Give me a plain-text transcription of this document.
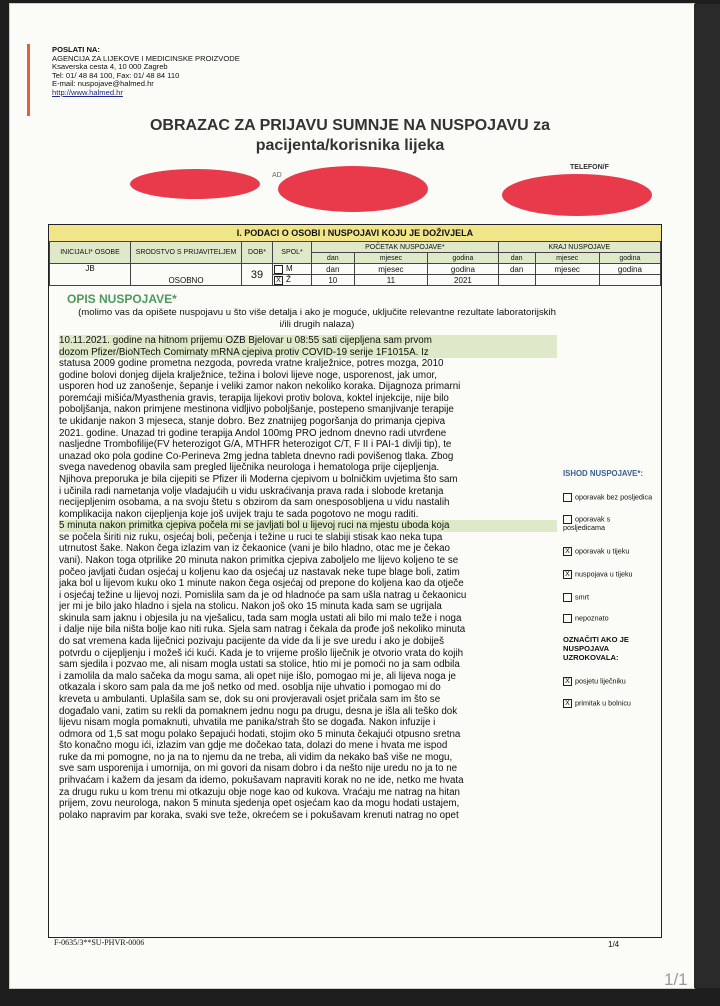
POSLATI NA:
AGENCIJA ZA LIJEKOVE I MEDICINSKE PROIZVODE
Ksaverska cesta 4, 10 000 Zagreb
Tel: 01/ 48 84 100, Fax: 01/ 48 84 110
E-mail: nuspojave@halmed.hr
http://www.halmed.hr
OBRAZAC ZA PRIJAVU SUMNJE NA NUSPOJAVU za
pacijenta/korisnika lijeka
AD
TELEFON/F
I. PODACI O OSOBI I NUSPOJAVI KOJU JE DOŽIVJELA
INICIJALI* OSOBE	SRODSTVO S PRIJAVITELJEM	DOB*	SPOL*	POČETAK NUSPOJAVE*			KRAJ NUSPOJAVE		
				dan	mjesec	godina	dan	mjesec	godina
JB	OSOBNO	39	M	dan	mjesec	godina	dan	mjesec	godina
			X Ž	10	11	2021			
OPIS NUSPOJAVE*
(molimo vas da opišete nuspojavu u što više detalja i ako je moguće, uključite relevantne rezultate laboratorijskih i/ili drugih nalaza)
10.11.2021. godine na hitnom prijemu OŽB Bjelovar u 08:55 sati cijepljena sam prvom
dozom Pfizer/BioNTech Comirnaty mRNA cjepiva protiv COVID-19 serije 1F1015A. Iz
statusa 2009 godine prometna nezgoda, povreda vratne kralježnice, potres mozga, 2010
godine bolovi donjeg dijela kralježnice, težina i bolovi lijeve noge, usporenost, jak umor,
usporen hod uz zanošenje, šepanje i veliki zamor nakon nekoliko koraka. Dijagnoza primarni
poremćaji mišića/Myasthenia gravis, terapija lijekovi protiv bolova, koktel injekcije, nije bilo
poboljšanja, nakon primjene mestinona vidljivo poboljšanje, postepeno smanjivanje terapije
te ukidanje nakon 3 mjeseca, stanje dobro. Bez znatnijeg pogoršanja do primanja cjepiva
2021. godine. Unazad tri godine terapija Andol 100mg PRO jednom dnevno radi utvrđene
nasljedne Trombofilije(FV heterozigot G/A, MTHFR heterozigot C/T, F II i PAI-1 divlji tip), te
unazad oko pola godine Co-Perineva 2mg jedna tableta dnevno radi povišenog tlaka. Zbog
svega navedenog obavila sam pregled liječnika neurologa i hematologa prije cijepljenja.
Njihova preporuka je bila cijepiti se Pfizer ili Moderna cjepivom u bolničkim uvjetima što sam
i učinila radi nametanja volje vladajućih u vidu uskraćivanja prava rada i slobode kretanja
necijepljenim osobama, a na svoju štetu s obzirom da sam onesposobljena u vidu nastalih
komplikacija nakon cijepljenja koje još uvijek traju te sada pogotovo ne mogu raditi.
5 minuta nakon primitka cjepiva počela mi se javljati bol u lijevoj ruci na mjestu uboda koja
se počela širiti niz ruku, osjećaj boli, pečenja i težine u ruci te slabiji stisak kao neka tupa
utrnutost šake. Nakon čega izlazim van iz čekaonice (vani je bilo hladno, otac me je čekao
vani). Nakon toga otprilike 20 minuta nakon primitka cjepiva zaboljelo me lijevo koljeno te se
počeo javljati čudan osjećaj u koljenu kao da osjećaj uz nastavak neke tupe blage boli, zatim
jaka bol u lijevom kuku oko 1 minute nakon čega osjećaj od prepone do koljena kao da otječe
i osjećaj težine u lijevoj nozi. Pomislila sam da je od hladnoće pa sam ušla natrag u čekaonicu
jer mi je bilo jako hladno i sjela na stolicu. Nakon još oko 15 minuta kada sam se ugrijala
skinula sam jaknu i objesila ju na vješalicu, tada sam mogla ustati ali bilo mi malo teže i noga
i dalje nije bila ništa bolje kao niti ruka. Sjela sam natrag i čekala da prođe još nekoliko minuta
do sat vremena kada liječnici pozivaju pacijente da vide da li je sve uredu i ako je dobiješ
potvrdu o cijepljenju i možeš ići kući. Kada je to vrijeme prošlo liječnik je otvorio vrata do kojih
sam sjedila i pozvao me, ali nisam mogla ustati sa stolice, htio mi je pomoći no ja sam odbila
i zamolila da malo sačeka da mogu sama, ali opet nije išlo, pomogao mi je, ali lijeva noga je
otkazala i skoro sam pala da me još netko od med. osoblja nije uhvatio i pomogao mi do
kreveta u ambulanti. Uplašila sam se, dok su oni provjeravali osjet pričala sam im što se
događalo vani, zatim su rekli da pomaknem jednu nogu pa drugu, desna je išla ali teško dok
lijevu nisam mogla pomaknuti, uhvatila me panika/strah što se događa. Nakon infuzije i
odmora od 1,5 sat mogu polako šepajući hodati, stojim oko 5 minuta čekajući otpusno sretna
što konačno mogu ići, izlazim van gdje me dočekao tata, dolazi do mene i hvata me ispod
ruke da mi pomogne, no ja na to njemu da ne treba, ali vidim da nekako baš više ne mogu,
sve sam usporenija i umornija, on mi govori da nisam dobro i da nešto nije uredu no ja to ne
prihvaćam i kažem da jesam da idemo, pokušavam napraviti korak no ne ide, netko me hvata
za drugu ruku u kom trenu mi otkazuju obje noge kao od kukova. Vraćaju me natrag na hitan
prijem, zovu neurologa, nakon 5 minuta sjedenja opet osjećam kao da mogu hodati ustajem,
polako napravim par koraka, svaki sve teže, okrećem se i pokušavam krenuti natrag no opet
ISHOD NUSPOJAVE*:
oporavak bez posljedica
oporavak s posljedicama
X oporavak u tijeku
X nuspojava u tijeku
smrt
nepoznato
OZNAČITI AKO JE NUSPOJAVA UZROKOVALA:
X posjetu liječniku
X primitak u bolnicu
F-0635/3**SU-PHVR-0006	1/4
1/1
